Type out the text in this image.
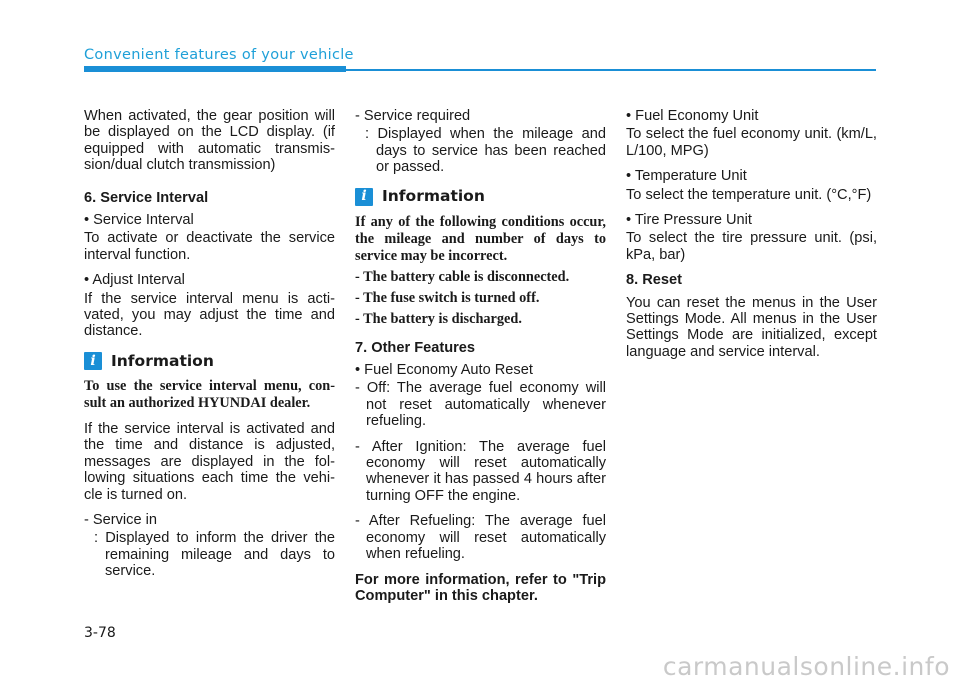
Convenient features of your vehicle

When activated, the gear position will be displayed on the LCD display. (if equipped with automatic transmis-sion/dual clutch transmission)

6. Service Interval

• Service Interval

To activate or deactivate the service interval function.

• Adjust Interval

If the service interval menu is acti-vated, you may adjust the time and distance.

i Information

To use the service interval menu, con-sult an authorized HYUNDAI dealer.

If the service interval is activated and the time and distance is adjusted, messages are displayed in the fol-lowing situations each time the vehi-cle is turned on.

- Service in

: Displayed to inform the driver the remaining mileage and days to service.

- Service required

: Displayed when the mileage and days to service has been reached or passed.

i Information

If any of the following conditions occur, the mileage and number of days to service may be incorrect.

- The battery cable is disconnected.

- The fuse switch is turned off.

- The battery is discharged.

7. Other Features

• Fuel Economy Auto Reset

- Off: The average fuel economy will not reset automatically whenever refueling.

- After Ignition: The average fuel economy will reset automatically whenever it has passed 4 hours after turning OFF the engine.

- After Refueling: The average fuel economy will reset automatically when refueling.

For more information, refer to "Trip Computer" in this chapter.

• Fuel Economy Unit

To select the fuel economy unit. (km/L, L/100, MPG)

• Temperature Unit

To select the temperature unit. (°C,°F)

• Tire Pressure Unit

To select the tire pressure unit. (psi, kPa, bar)

8. Reset

You can reset the menus in the User Settings Mode. All menus in the User Settings Mode are initialized, except language and service interval.

3-78
carmanualsonline.info
